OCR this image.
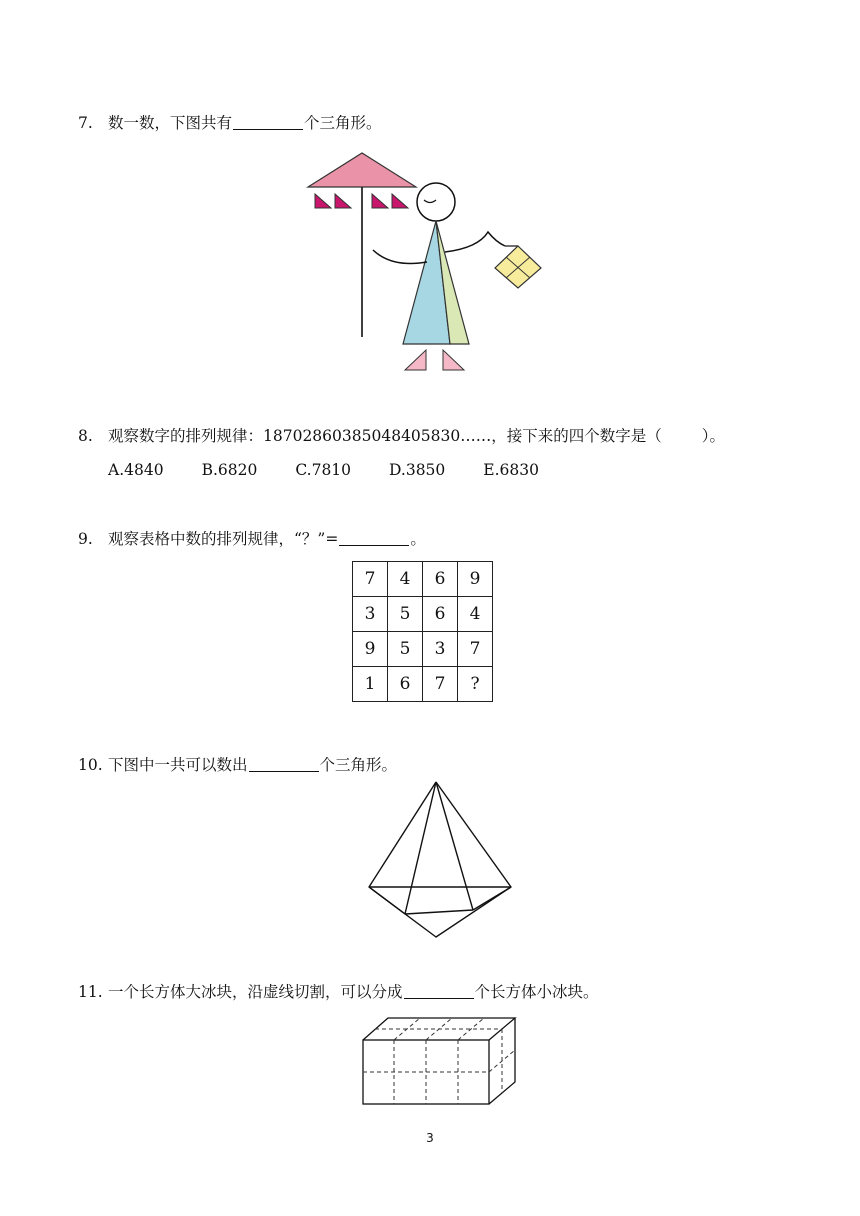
7. 数一数，下图共有	个三角形。
8. 观察数字的排列规律：18702860385048405830……，接下来的四个数字是（	）。
A.4840 B.6820 C.7810 D.3850 E.6830
9. 观察表格中数的排列规律，“？”=	。
7	4	6	9
3	5	6	4
9	5	3	7
1	6	7	?
10. 下图中一共可以数出	个三角形。
11. 一个长方体大冰块，沿虚线切割，可以分成	个长方体小冰块。
3
